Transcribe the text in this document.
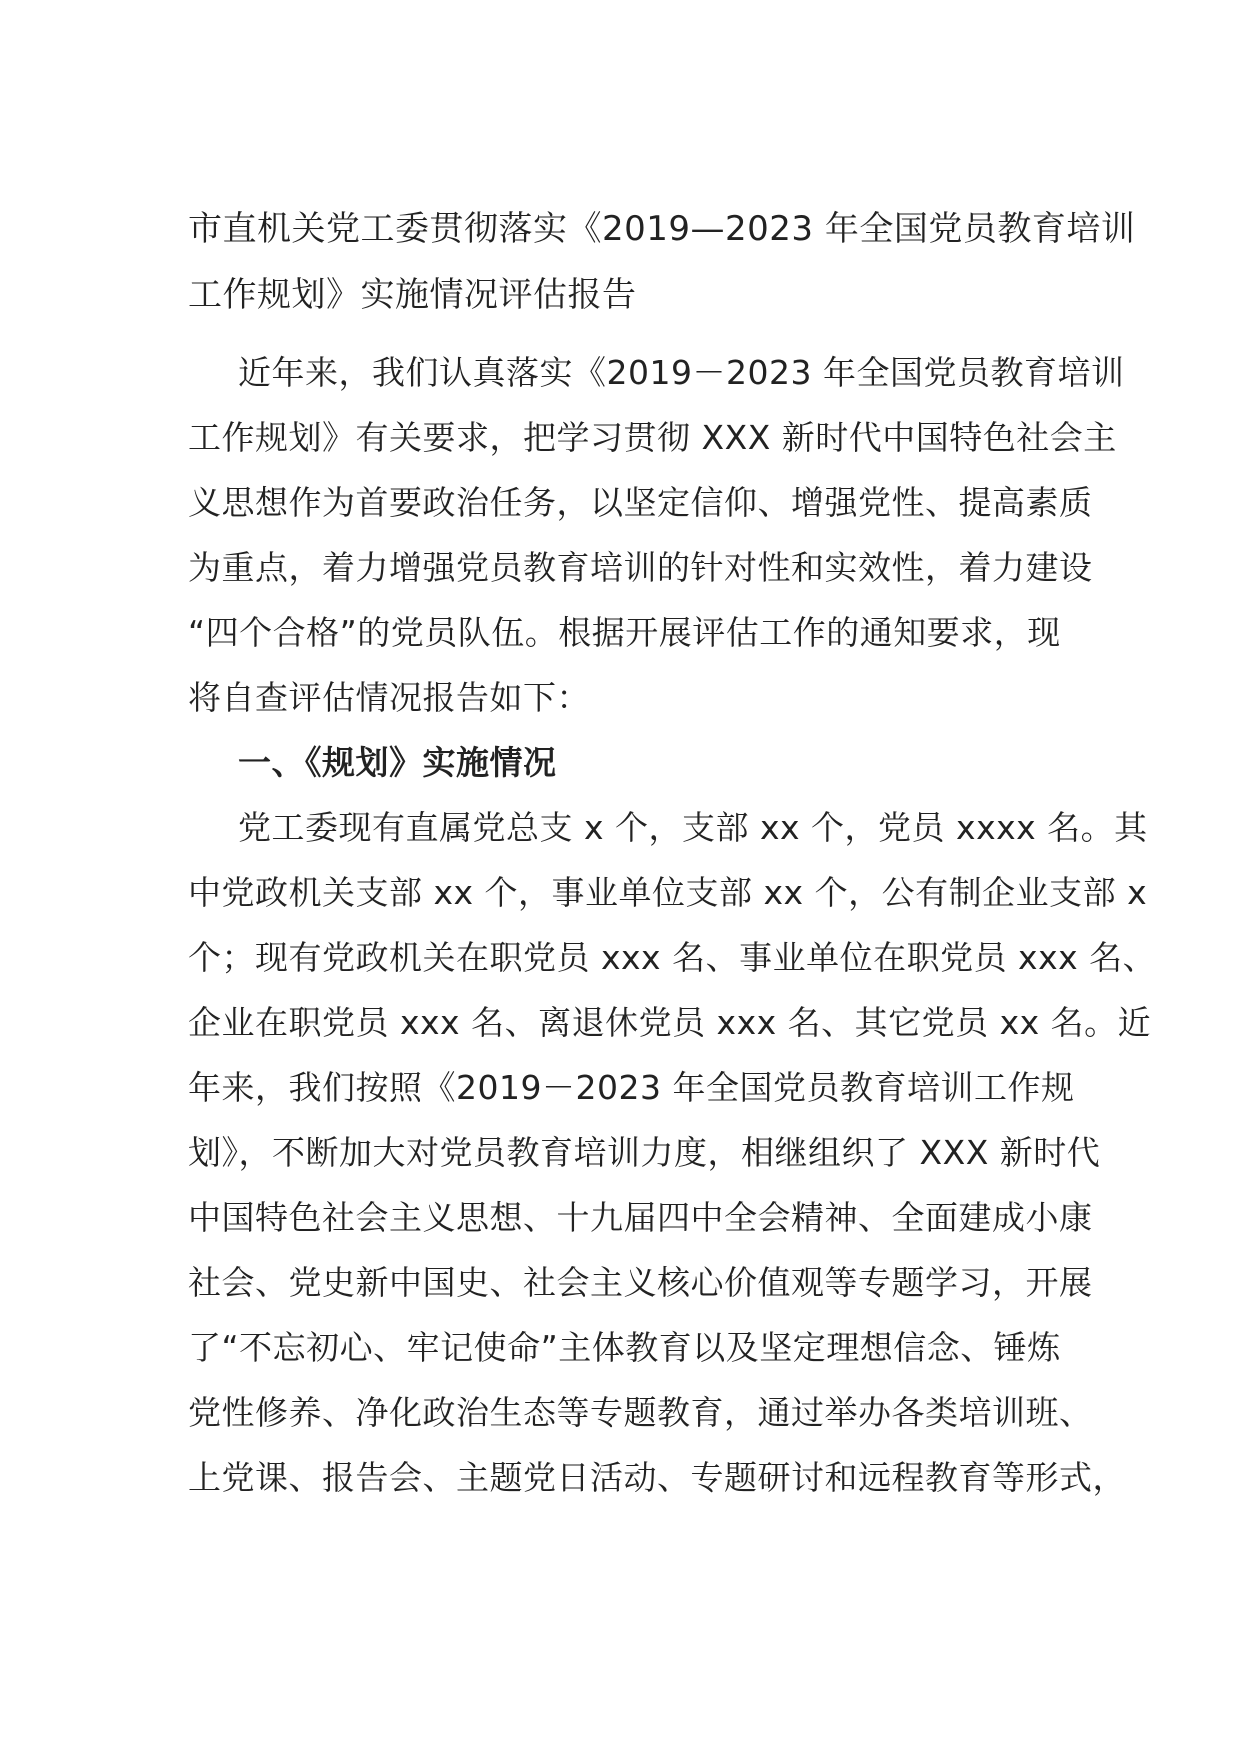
市直机关党工委贯彻落实《2019—2023 年全国党员教育培训
工作规划》实施情况评估报告

近年来，我们认真落实《2019－2023 年全国党员教育培训
工作规划》有关要求，把学习贯彻 XXX 新时代中国特色社会主
义思想作为首要政治任务，以坚定信仰、增强党性、提高素质
为重点，着力增强党员教育培训的针对性和实效性，着力建设
“四个合格”的党员队伍。根据开展评估工作的通知要求，现
将自查评估情况报告如下：

一、《规划》实施情况

党工委现有直属党总支 x 个，支部 xx 个，党员 xxxx 名。其
中党政机关支部 xx 个，事业单位支部 xx 个，公有制企业支部 x
个；现有党政机关在职党员 xxx 名、事业单位在职党员 xxx 名、
企业在职党员 xxx 名、离退休党员 xxx 名、其它党员 xx 名。近
年来，我们按照《2019－2023 年全国党员教育培训工作规
划》，不断加大对党员教育培训力度，相继组织了 XXX 新时代
中国特色社会主义思想、十九届四中全会精神、全面建成小康
社会、党史新中国史、社会主义核心价值观等专题学习，开展
了“不忘初心、牢记使命”主体教育以及坚定理想信念、锤炼
党性修养、净化政治生态等专题教育，通过举办各类培训班、
上党课、报告会、主题党日活动、专题研讨和远程教育等形式，
